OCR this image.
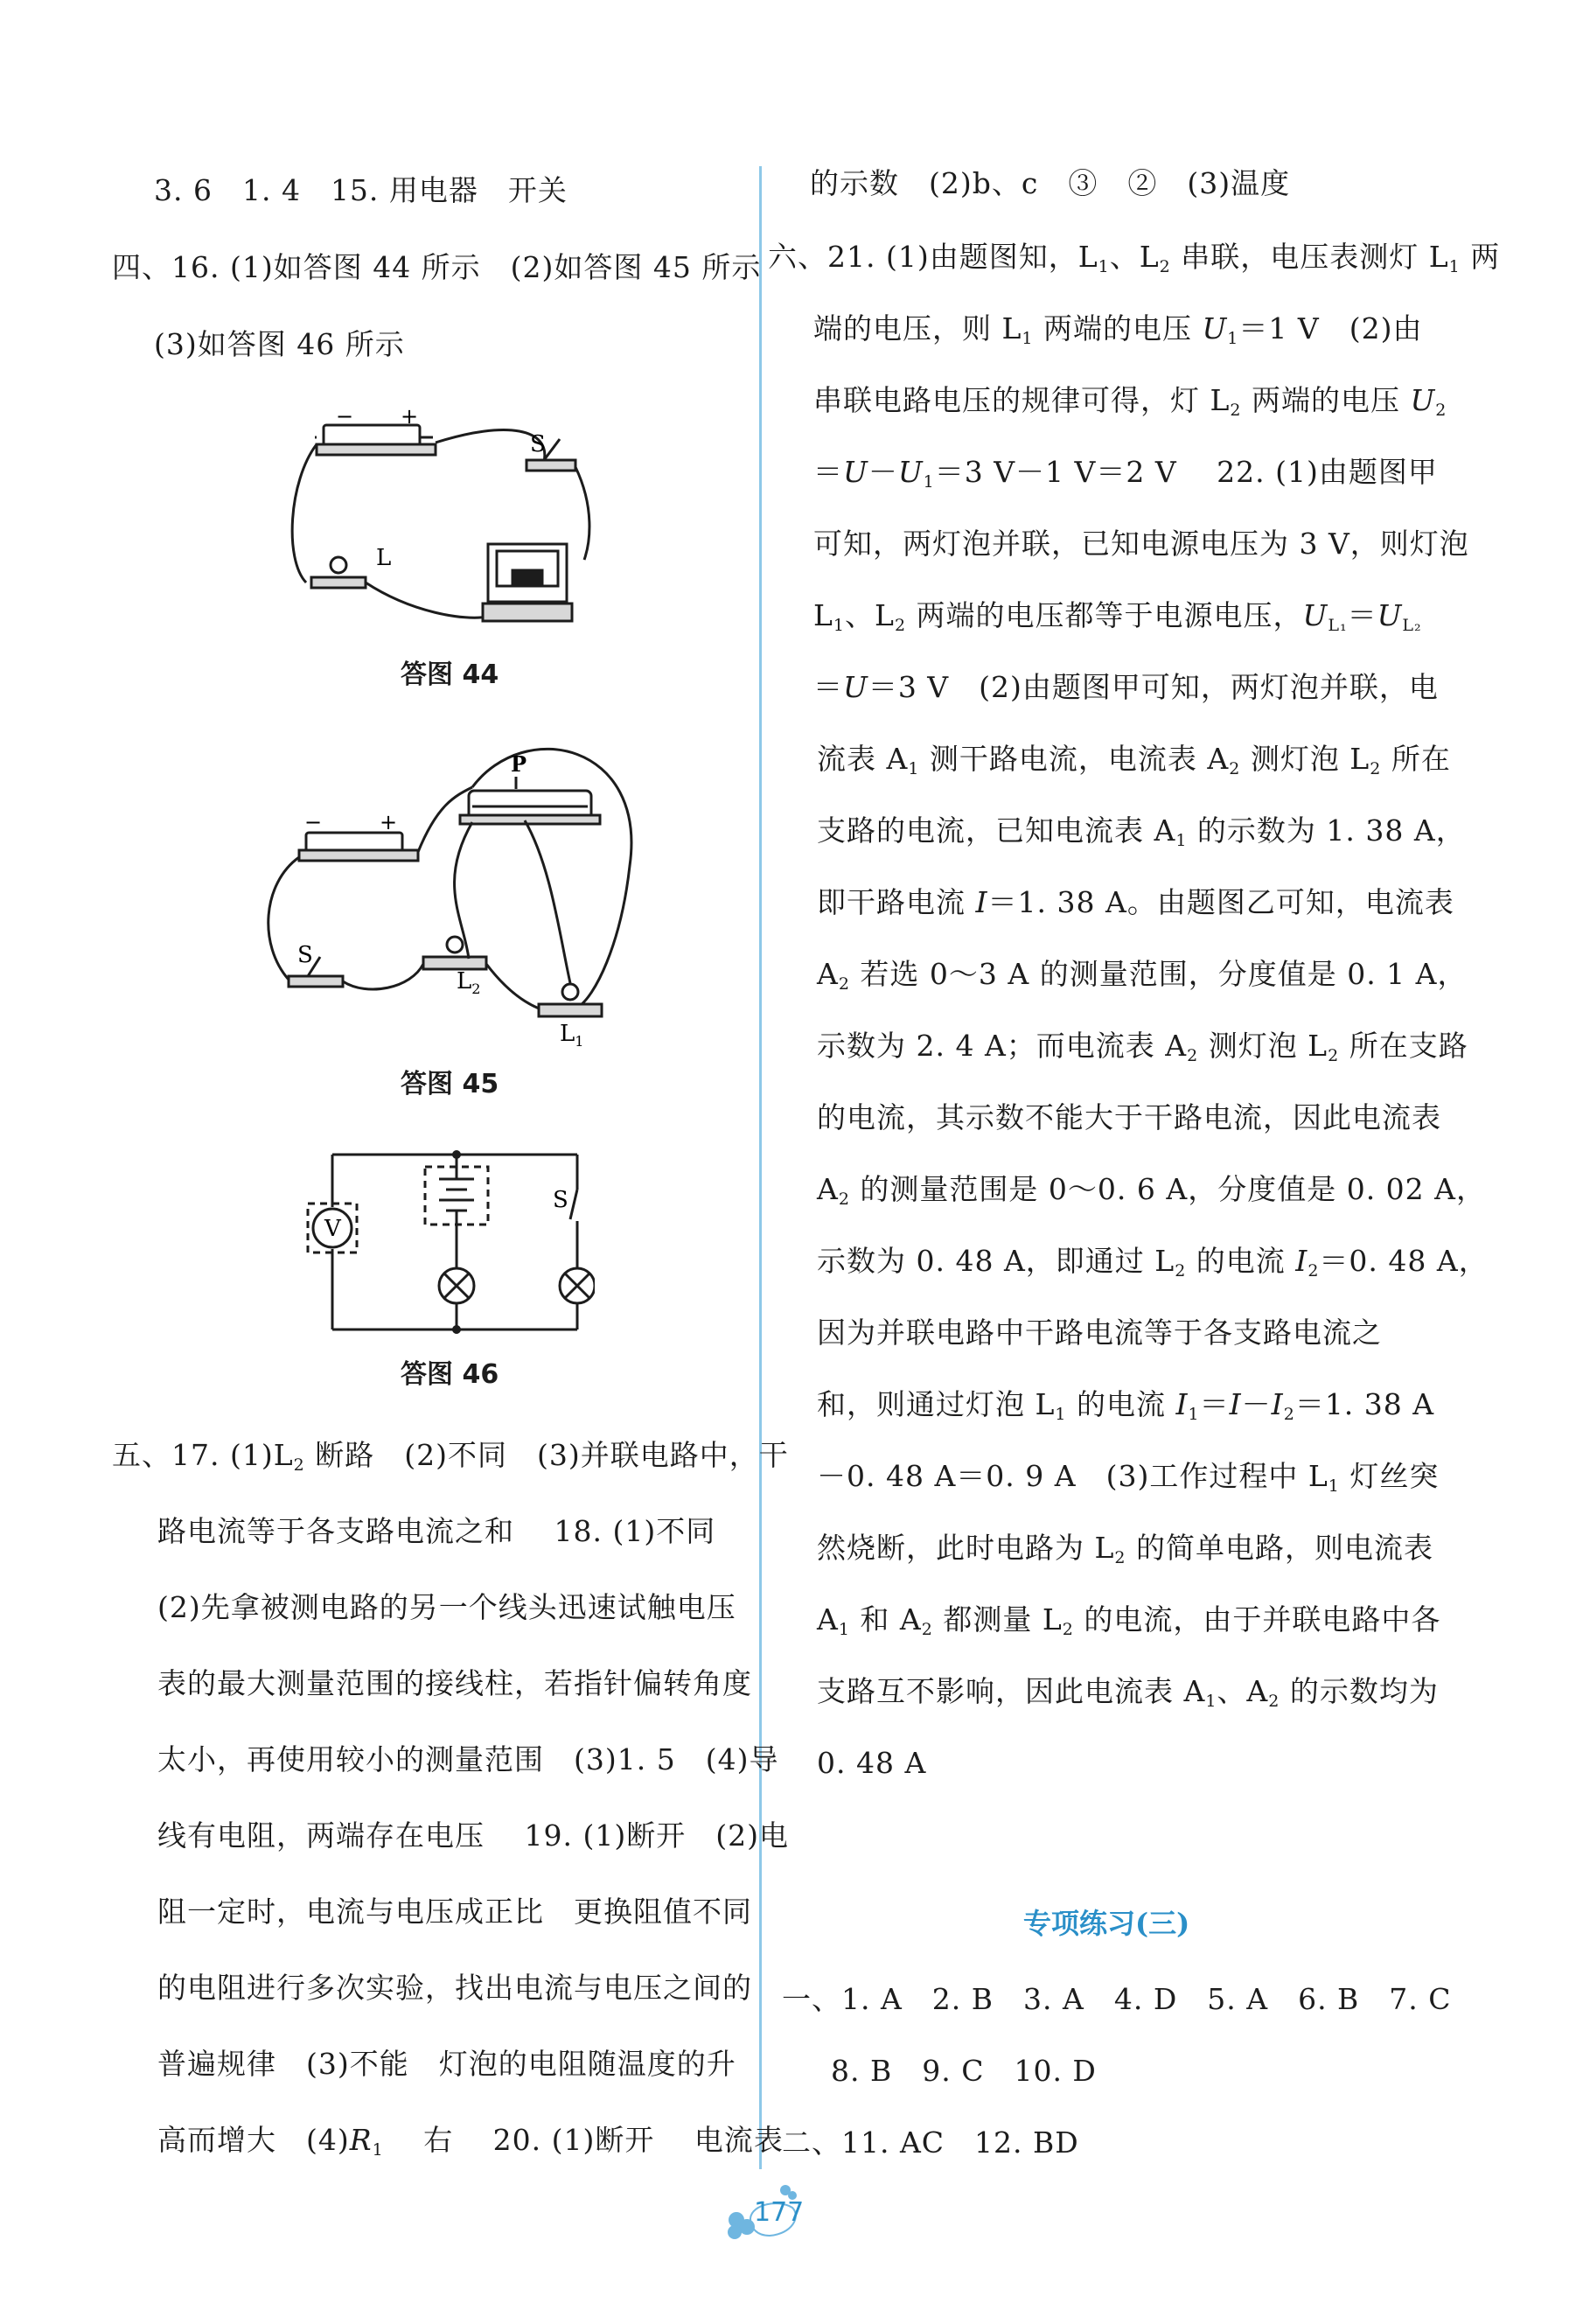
3. 6　1. 4　15. 用电器　开关
四、16. (1)如答图 44 所示　(2)如答图 45 所示
(3)如答图 46 所示
− +
S
L
答图 44
−	+
P
S
$L_2$
$L_1$
答图 45
V
S
答图 46
五、17. $(1)L_2$ 断路　(2)不同　(3)并联电路中，干
路电流等于各支路电流之和　 18. (1)不同
(2)先拿被测电路的另一个线头迅速试触电压
表的最大测量范围的接线柱，若指针偏转角度
太小，再使用较小的测量范围　(3)1. 5　(4)导
线有电阻，两端存在电压　 19. (1)断开　(2)电
阻一定时，电流与电压成正比　更换阻值不同
的电阻进行多次实验，找出电流与电压之间的
普遍规律　(3)不能　灯泡的电阻随温度的升
高而增大　$(4)R_1$　 右　 20. (1)断开　 电流表
的示数　(2)b、c　③　②　(3)温度
六、21. (1)由题图知，$L_1$、$L_2$ 串联，电压表测灯 $L_1$ 两
端的电压，则 $L_1$ 两端的电压 $U_1=1$ V　(2)由
串联电路电压的规律可得，灯 $L_2$ 两端的电压 $U_2$
$=U-U_1=3$ V－1 V＝2 V　 22. (1)由题图甲
可知，两灯泡并联，已知电源电压为 3 V，则灯泡
$L_1$、$L_2$ 两端的电压都等于电源电压，$U_{L_1}=U_{L_2}$
＝U＝3 V　(2)由题图甲可知，两灯泡并联，电
流表 $A_1$ 测干路电流，电流表 $A_2$ 测灯泡 $L_2$ 所在
支路的电流，已知电流表 $A_1$ 的示数为 1. 38 A，
即干路电流 I＝1. 38 A。由题图乙可知，电流表
$A_2$ 若选 0～3 A 的测量范围，分度值是 0. 1 A，
示数为 2. 4 A；而电流表 $A_2$ 测灯泡 $L_2$ 所在支路
的电流，其示数不能大于干路电流，因此电流表
$A_2$ 的测量范围是 0～0. 6 A，分度值是 0. 02 A，
示数为 0. 48 A，即通过 $L_2$ 的电流 $I_2=0$. 48 A，
因为并联电路中干路电流等于各支路电流之
和，则通过灯泡 $L_1$ 的电流 $I_1=I-I_2=1$. 38 A
－0. 48 A＝0. 9 A　(3)工作过程中 $L_1$ 灯丝突
然烧断，此时电路为 $L_2$ 的简单电路，则电流表
$A_1$ 和 $A_2$ 都测量 $L_2$ 的电流，由于并联电路中各
支路互不影响，因此电流表 $A_1$、$A_2$ 的示数均为
0. 48 A
专项练习(三)
一、1. A　2. B　3. A　4. D　5. A　6. B　7. C
8. B　9. C　10. D
二、11. AC　12. BD
177
